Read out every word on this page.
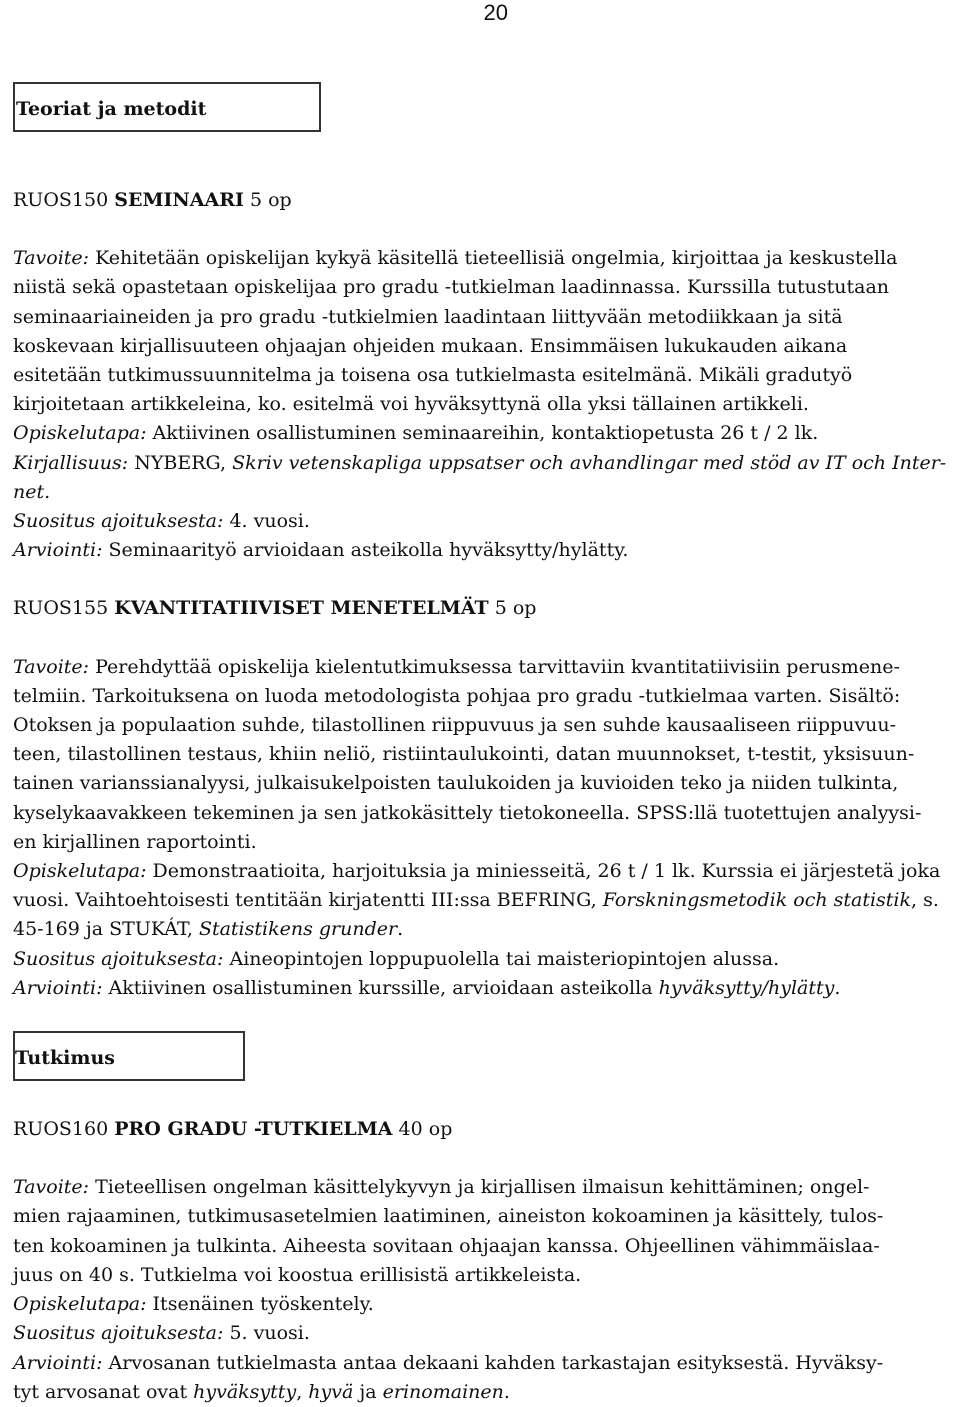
20
Teoriat ja metodit

RUOS150 SEMINAARI 5 op

Tavoite: Kehitetään opiskelijan kykyä käsitellä tieteellisiä ongelmia, kirjoittaa ja keskustella

niistä sekä opastetaan opiskelijaa pro gradu -tutkielman laadinnassa. Kurssilla tutustutaan

seminaariaineiden ja pro gradu -tutkielmien laadintaan liittyvään metodiikkaan ja sitä

koskevaan kirjallisuuteen ohjaajan ohjeiden mukaan. Ensimmäisen lukukauden aikana

esitetään tutkimussuunnitelma ja toisena osa tutkielmasta esitelmänä. Mikäli gradutyö

kirjoitetaan artikkeleina, ko. esitelmä voi hyväksyttynä olla yksi tällainen artikkeli.

Opiskelutapa: Aktiivinen osallistuminen seminaareihin, kontaktiopetusta 26 t / 2 lk.

Kirjallisuus: NYBERG, Skriv vetenskapliga uppsatser och avhandlingar med stöd av IT och Inter-

net.

Suositus ajoituksesta: 4. vuosi.

Arviointi: Seminaarityö arvioidaan asteikolla hyväksytty/hylätty.

RUOS155 KVANTITATIIVISET MENETELMÄT 5 op

Tavoite: Perehdyttää opiskelija kielentutkimuksessa tarvittaviin kvantitatiivisiin perusmene-

telmiin. Tarkoituksena on luoda metodologista pohjaa pro gradu -tutkielmaa varten. Sisältö:

Otoksen ja populaation suhde, tilastollinen riippuvuus ja sen suhde kausaaliseen riippuvuu-

teen, tilastollinen testaus, khiin neliö, ristiintaulukointi, datan muunnokset, t-testit, yksisuun-

tainen varianssianalyysi, julkaisukelpoisten taulukoiden ja kuvioiden teko ja niiden tulkinta,

kyselykaavakkeen tekeminen ja sen jatkokäsittely tietokoneella. SPSS:llä tuotettujen analyysi-

en kirjallinen raportointi.

Opiskelutapa: Demonstraatioita, harjoituksia ja miniesseitä, 26 t / 1 lk. Kurssia ei järjestetä joka

vuosi. Vaihtoehtoisesti tentitään kirjatentti III:ssa BEFRING, Forskningsmetodik och statistik, s.

45-169 ja STUKÁT, Statistikens grunder.

Suositus ajoituksesta: Aineopintojen loppupuolella tai maisteriopintojen alussa.

Arviointi: Aktiivinen osallistuminen kurssille, arvioidaan asteikolla hyväksytty/hylätty.

Tutkimus

RUOS160 PRO GRADU -TUTKIELMA 40 op

Tavoite: Tieteellisen ongelman käsittelykyvyn ja kirjallisen ilmaisun kehittäminen; ongel-

mien rajaaminen, tutkimusasetelmien laatiminen, aineiston kokoaminen ja käsittely, tulos-

ten kokoaminen ja tulkinta. Aiheesta sovitaan ohjaajan kanssa. Ohjeellinen vähimmäislaa-

juus on 40 s. Tutkielma voi koostua erillisistä artikkeleista.

Opiskelutapa: Itsenäinen työskentely.

Suositus ajoituksesta: 5. vuosi.

Arviointi: Arvosanan tutkielmasta antaa dekaani kahden tarkastajan esityksestä. Hyväksy-

tyt arvosanat ovat hyväksytty, hyvä ja erinomainen.
